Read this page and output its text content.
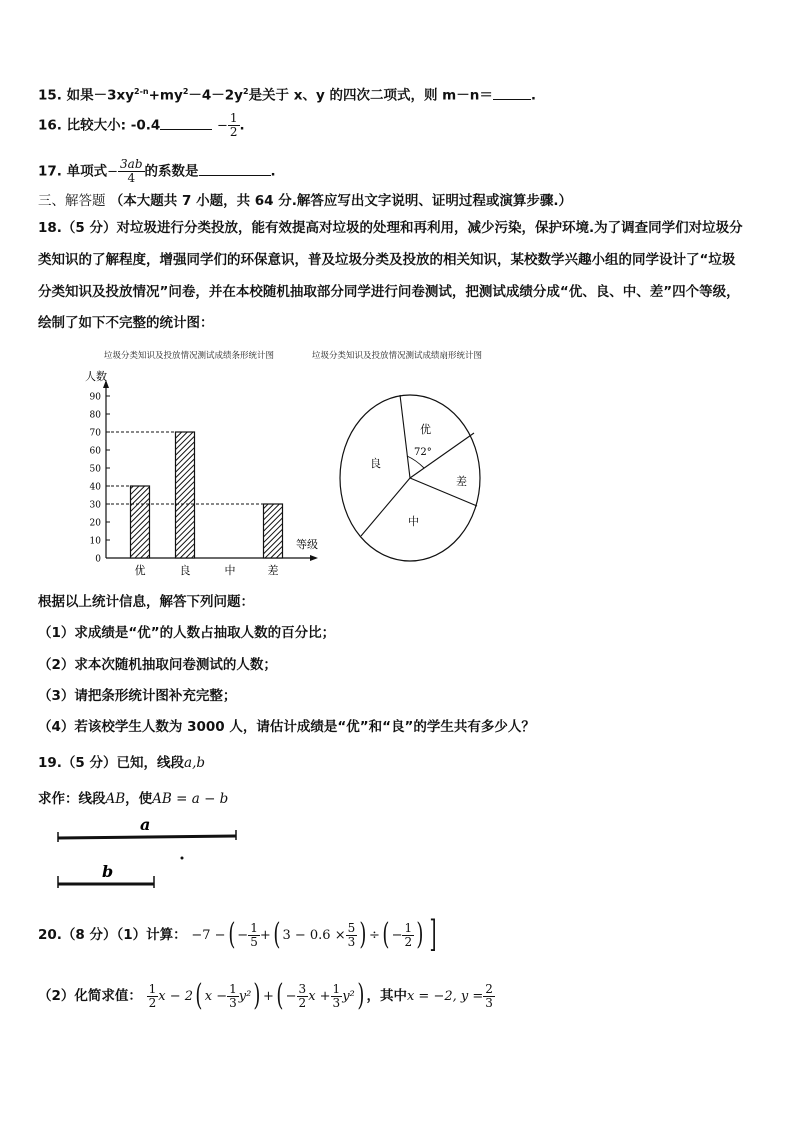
15. 如果$-3xy^{2-n}+my^2-4-2y^2$是关于 x、y 的四次二项式，则 m－n＝	.
16. 比较大小: -0.4	− $\frac{1}{2}$ .
17. 单项式− $\frac{3ab}{4}$ 的系数是	.
三、解答题 （本大题共 7 小题，共 64 分.解答应写出文字说明、证明过程或演算步骤.）
18.（5 分）对垃圾进行分类投放，能有效提高对垃圾的处理和再利用，减少污染，保护环境.为了调查同学们对垃圾分
类知识的了解程度，增强同学们的环保意识，普及垃圾分类及投放的相关知识，某校数学兴趣小组的同学设计了“垃圾
分类知识及投放情况”问卷，并在本校随机抽取部分同学进行问卷测试，把测试成绩分成“优、良、中、差”四个等级，
绘制了如下不完整的统计图：
垃圾分类知识及投放情况测试成绩条形统计图	垃圾分类知识及投放情况测试成绩扇形统计图
0
10
20
30
40
50
60
70
80
90
人数
等级
优	良	中	差
优
差
中
良
72°
根据以上统计信息，解答下列问题：
（1）求成绩是“优”的人数占抽取人数的百分比；
（2）求本次随机抽取问卷测试的人数；
（3）请把条形统计图补充完整；
（4）若该校学生人数为 3000 人，请估计成绩是“优”和“良”的学生共有多少人？
19.（5 分）已知，线段a,b
求作：线段AB，使AB = a − b
a
b
20.（8 分）（1）计算： −7 −( − $\frac{1}{5}$ +( $3 - 0.6 \times \frac{5}{3}$ ) ÷( − $\frac{1}{2}$ ) ]
（2）化简求值： $\frac{1}{2}$ x − 2( $x - \frac{1}{3} y^2$) +( − $\frac{3}{2}$ $x + \frac{1}{3} y^2$) ，其中x = −2, $y = \frac{2}{3}$
